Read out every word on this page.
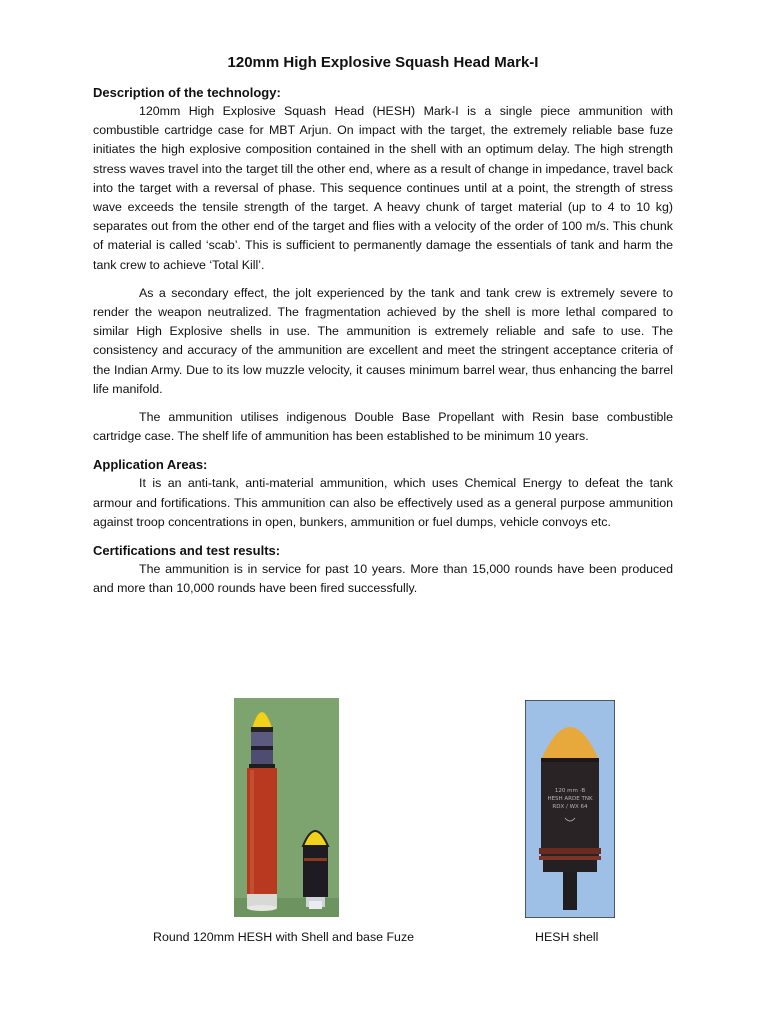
120mm High Explosive Squash Head Mark-I
Description of the technology:

120mm High Explosive Squash Head (HESH) Mark-I is a single piece ammunition with combustible cartridge case for MBT Arjun. On impact with the target, the extremely reliable base fuze initiates the high explosive composition contained in the shell with an optimum delay. The high strength stress waves travel into the target till the other end, where as a result of change in impedance, travel back into the target with a reversal of phase. This sequence continues until at a point, the strength of stress wave exceeds the tensile strength of the target. A heavy chunk of target material (up to 4 to 10 kg) separates out from the other end of the target and flies with a velocity of the order of 100 m/s. This chunk of material is called ‘scab’. This is sufficient to permanently damage the essentials of tank and harm the tank crew to achieve ‘Total Kill’.

As a secondary effect, the jolt experienced by the tank and tank crew is extremely severe to render the weapon neutralized. The fragmentation achieved by the shell is more lethal compared to similar High Explosive shells in use. The ammunition is extremely reliable and safe to use. The consistency and accuracy of the ammunition are excellent and meet the stringent acceptance criteria of the Indian Army. Due to its low muzzle velocity, it causes minimum barrel wear, thus enhancing the barrel life manifold.

The ammunition utilises indigenous Double Base Propellant with Resin base combustible cartridge case. The shelf life of ammunition has been established to be minimum 10 years.

Application Areas:

It is an anti-tank, anti-material ammunition, which uses Chemical Energy to defeat the tank armour and fortifications. This ammunition can also be effectively used as a general purpose ammunition against troop concentrations in open, bunkers, ammunition or fuel dumps, vehicle convoys etc.

Certifications and test results:

The ammunition is in service for past 10 years. More than 15,000 rounds have been produced and more than 10,000 rounds have been fired successfully.

120 mm ·B
HESH ARDE TNK
RDX / WX 64
Round 120mm HESH with Shell and base Fuze	HESH shell
